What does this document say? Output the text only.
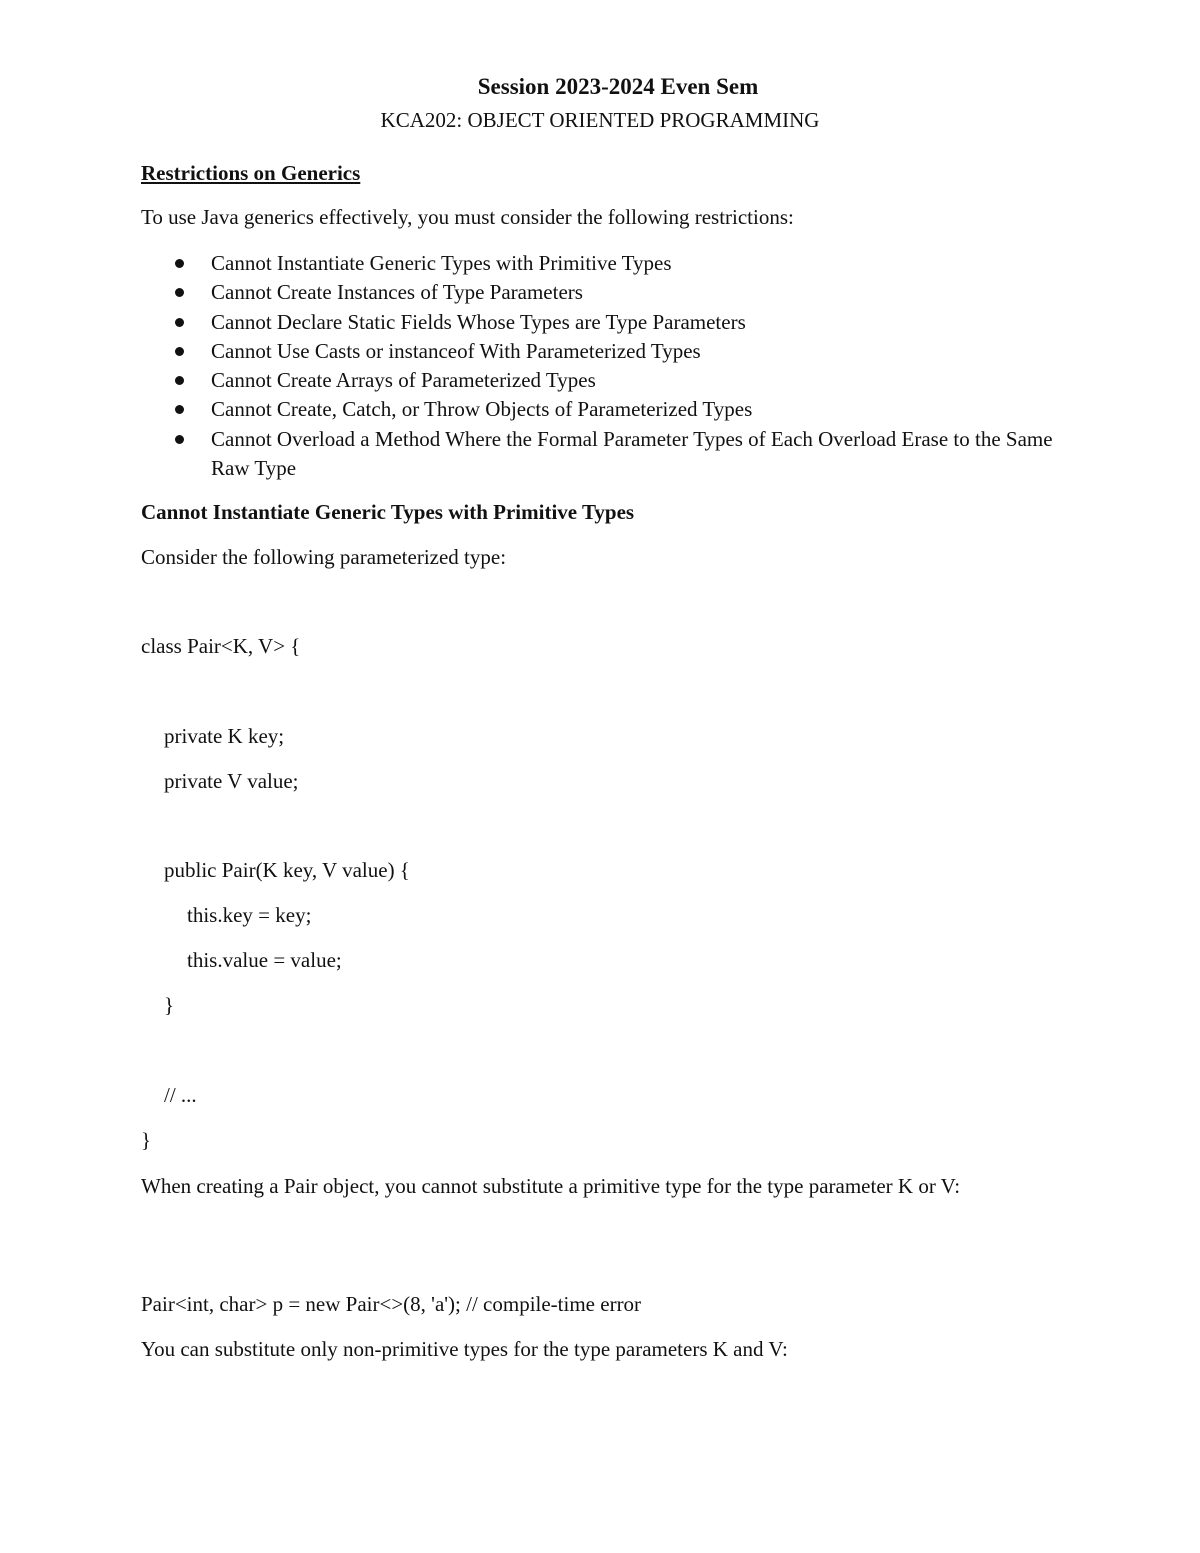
Session 2023-2024 Even Sem
KCA202: OBJECT ORIENTED PROGRAMMING
Restrictions on Generics
To use Java generics effectively, you must consider the following restrictions:
Cannot Instantiate Generic Types with Primitive Types
Cannot Create Instances of Type Parameters
Cannot Declare Static Fields Whose Types are Type Parameters
Cannot Use Casts or instanceof With Parameterized Types
Cannot Create Arrays of Parameterized Types
Cannot Create, Catch, or Throw Objects of Parameterized Types
Cannot Overload a Method Where the Formal Parameter Types of Each Overload Erase to the Same Raw Type
Cannot Instantiate Generic Types with Primitive Types
Consider the following parameterized type:
class Pair<K, V> {
private K key;
private V value;
public Pair(K key, V value) {
this.key = key;
this.value = value;
}
// ...
}
When creating a Pair object, you cannot substitute a primitive type for the type parameter K or V:
Pair<int, char> p = new Pair<>(8, 'a'); // compile-time error
You can substitute only non-primitive types for the type parameters K and V:
